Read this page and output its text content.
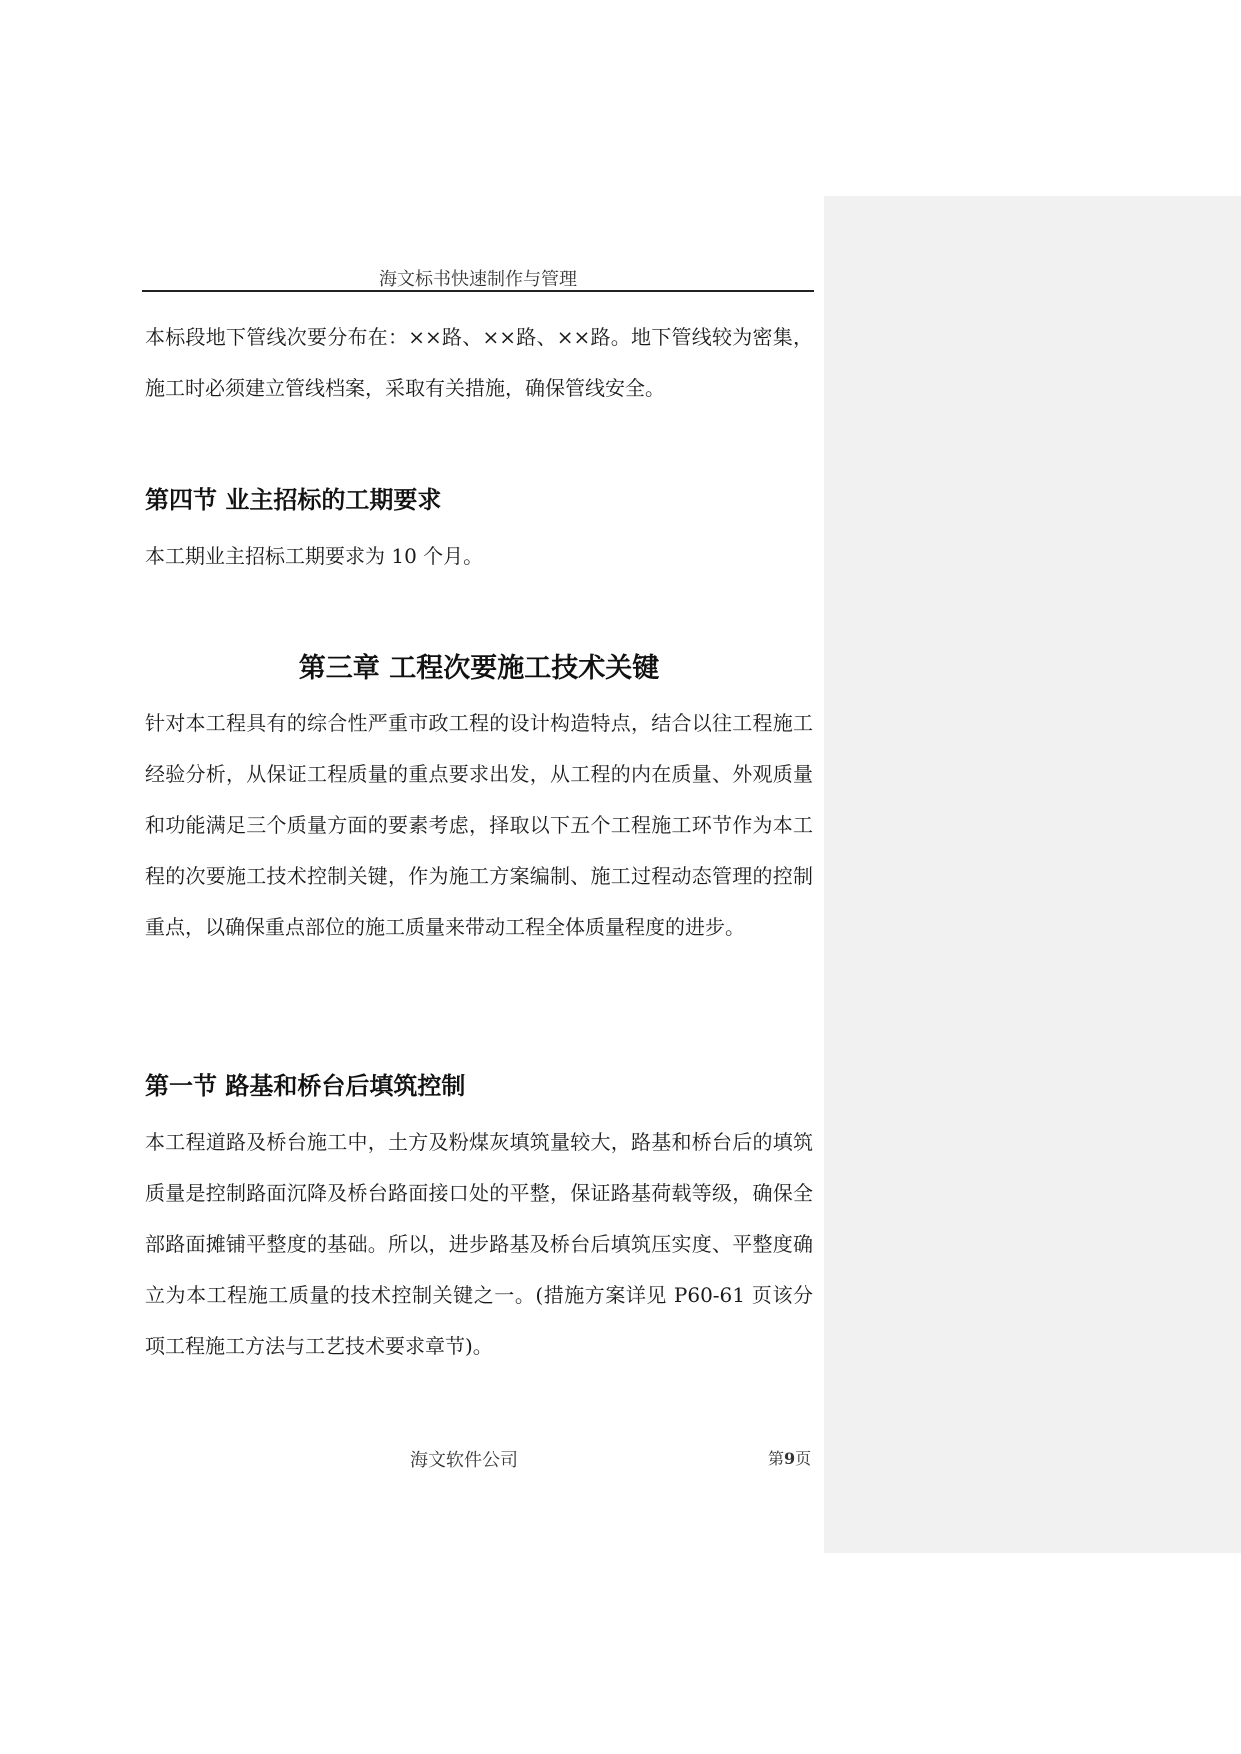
海文标书快速制作与管理

本标段地下管线次要分布在：××路、××路、××路。地下管线较为密集，施工时必须建立管线档案，采取有关措施，确保管线安全。

第四节 业主招标的工期要求

本工期业主招标工期要求为 10 个月。

第三章 工程次要施工技术关键

针对本工程具有的综合性严重市政工程的设计构造特点，结合以往工程施工经验分析，从保证工程质量的重点要求出发，从工程的内在质量、外观质量和功能满足三个质量方面的要素考虑，择取以下五个工程施工环节作为本工程的次要施工技术控制关键，作为施工方案编制、施工过程动态管理的控制重点，以确保重点部位的施工质量来带动工程全体质量程度的进步。

第一节 路基和桥台后填筑控制

本工程道路及桥台施工中，土方及粉煤灰填筑量较大，路基和桥台后的填筑质量是控制路面沉降及桥台路面接口处的平整，保证路基荷载等级，确保全部路面摊铺平整度的基础。所以，进步路基及桥台后填筑压实度、平整度确立为本工程施工质量的技术控制关键之一。(措施方案详见 P60-61 页该分项工程施工方法与工艺技术要求章节)。

海文软件公司	第9页
